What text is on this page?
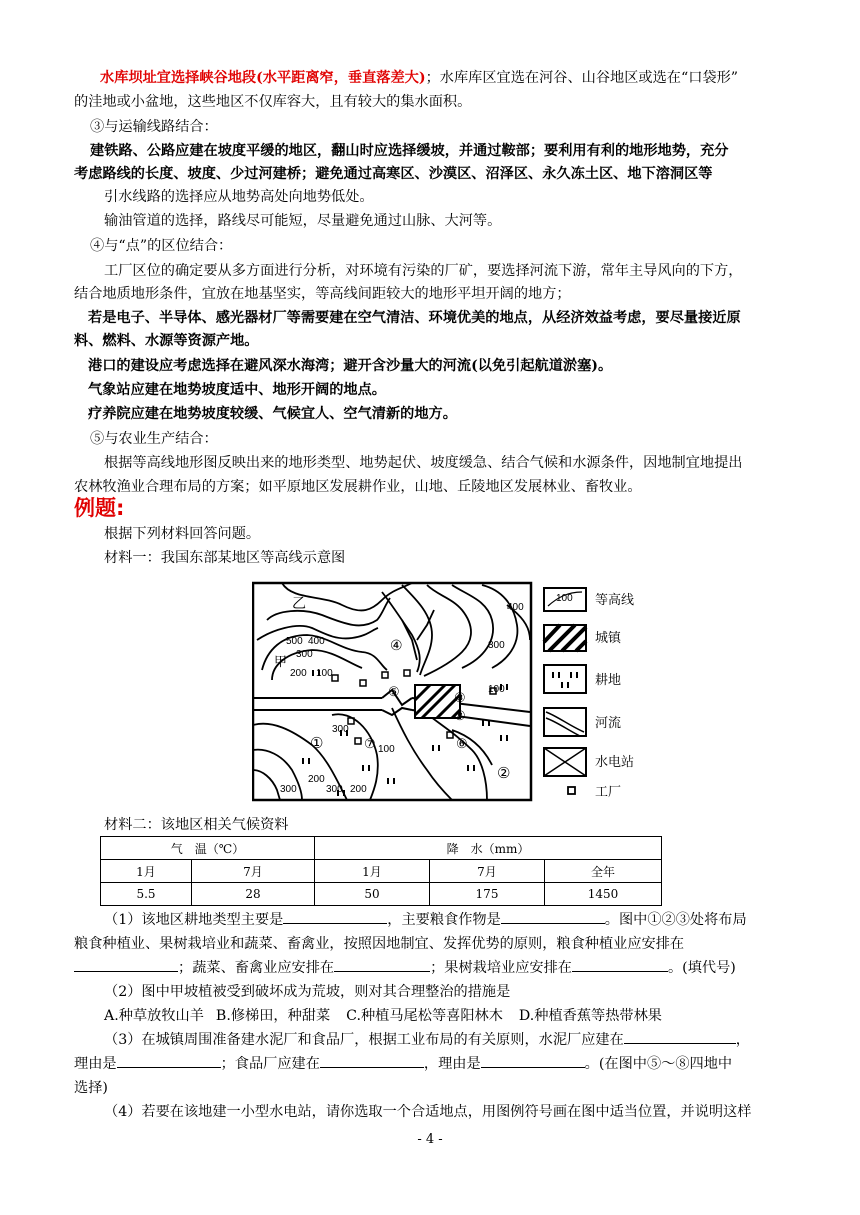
水库坝址宜选择峡谷地段(水平距离窄，垂直落差大)；水库库区宜选在河谷、山谷地区或选在“口袋形”
的洼地或小盆地，这些地区不仅库容大，且有较大的集水面积。
③与运输线路结合：
建铁路、公路应建在坡度平缓的地区，翻山时应选择缓坡，并通过鞍部；要利用有利的地形地势，充分
考虑路线的长度、坡度、少过河建桥；避免通过高寒区、沙漠区、沼泽区、永久冻土区、地下溶洞区等
引水线路的选择应从地势高处向地势低处。
输油管道的选择，路线尽可能短，尽量避免通过山脉、大河等。
④与“点”的区位结合：
工厂区位的确定要从多方面进行分析，对环境有污染的厂矿，要选择河流下游，常年主导风向的下方，
结合地质地形条件，宜放在地基坚实，等高线间距较大的地形平坦开阔的地方；
若是电子、半导体、感光器材厂等需要建在空气清洁、环境优美的地点，从经济效益考虑，要尽量接近原
料、燃料、水源等资源产地。
港口的建设应考虑选择在避风深水海湾；避开含沙量大的河流(以免引起航道淤塞)。
气象站应建在地势坡度适中、地形开阔的地点。
疗养院应建在地势坡度较缓、气候宜人、空气清新的地方。
⑤与农业生产结合：
根据等高线地形图反映出来的地形类型、地势起伏、坡度缓急、结合气候和水源条件，因地制宜地提出
农林牧渔业合理布局的方案；如平原地区发展耕作业，山地、丘陵地区发展林业、畜牧业。
例题:
根据下列材料回答问题。
材料一：我国东部某地区等高线示意图
400
300
100
500 400
300
200 100
300
100
300
200
300 200
乙
甲
①
②
③
④
⑤
⑥
⑦
⑧
100 等高线
城镇
耕地
河流
水电站
工厂
材料二：该地区相关气候资料
气　温（℃）		降　水（mm）		
1月	7月	1月	7月	全年
5.5	28	50	175	1450
（1）该地区耕地类型主要是	，主要粮食作物是	。图中①②③处将布局
粮食种植业、果树栽培业和蔬菜、畜禽业，按照因地制宜、发挥优势的原则，粮食种植业应安排在
；蔬菜、畜禽业应安排在	；果树栽培业应安排在	。(填代号)
（2）图中甲坡植被受到破坏成为荒坡，则对其合理整治的措施是
A.种草放牧山羊 B.修梯田，种甜菜 C.种植马尾松等喜阳林木 D.种植香蕉等热带林果
（3）在城镇周围准备建水泥厂和食品厂，根据工业布局的有关原则，水泥厂应建在	，
理由是	；食品厂应建在	，理由是	。(在图中⑤～⑧四地中
选择)
（4）若要在该地建一小型水电站，请你选取一个合适地点，用图例符号画在图中适当位置，并说明这样
- 4 -
